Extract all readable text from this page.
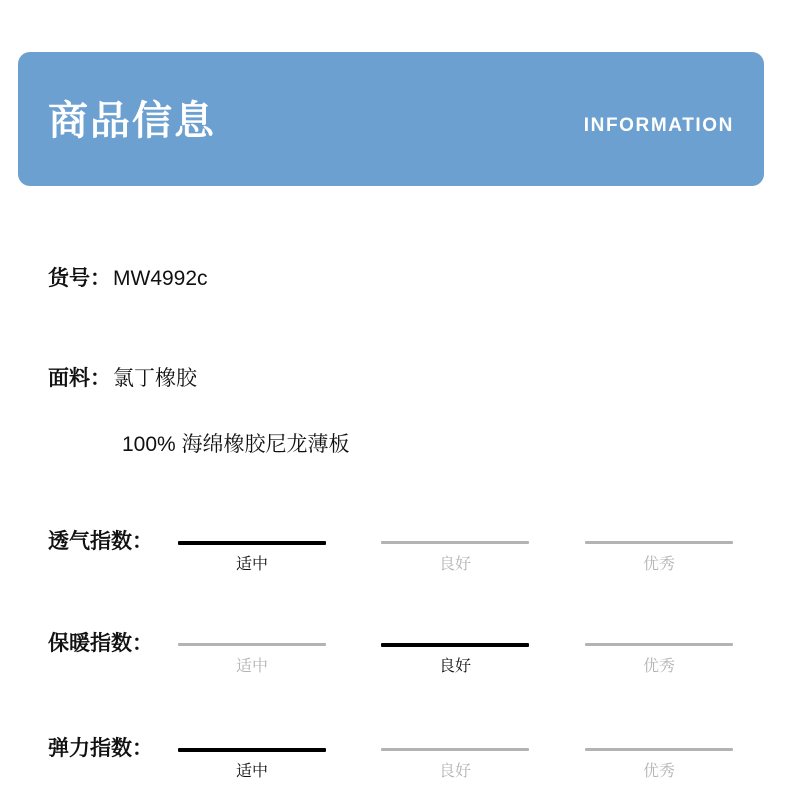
商品信息	INFORMATION
货号： MW4992c
面料： 氯丁橡胶
100% 海绵橡胶尼龙薄板
透气指数：
适中	良好	优秀
保暖指数：
适中	良好	优秀
弹力指数：
适中	良好	优秀
